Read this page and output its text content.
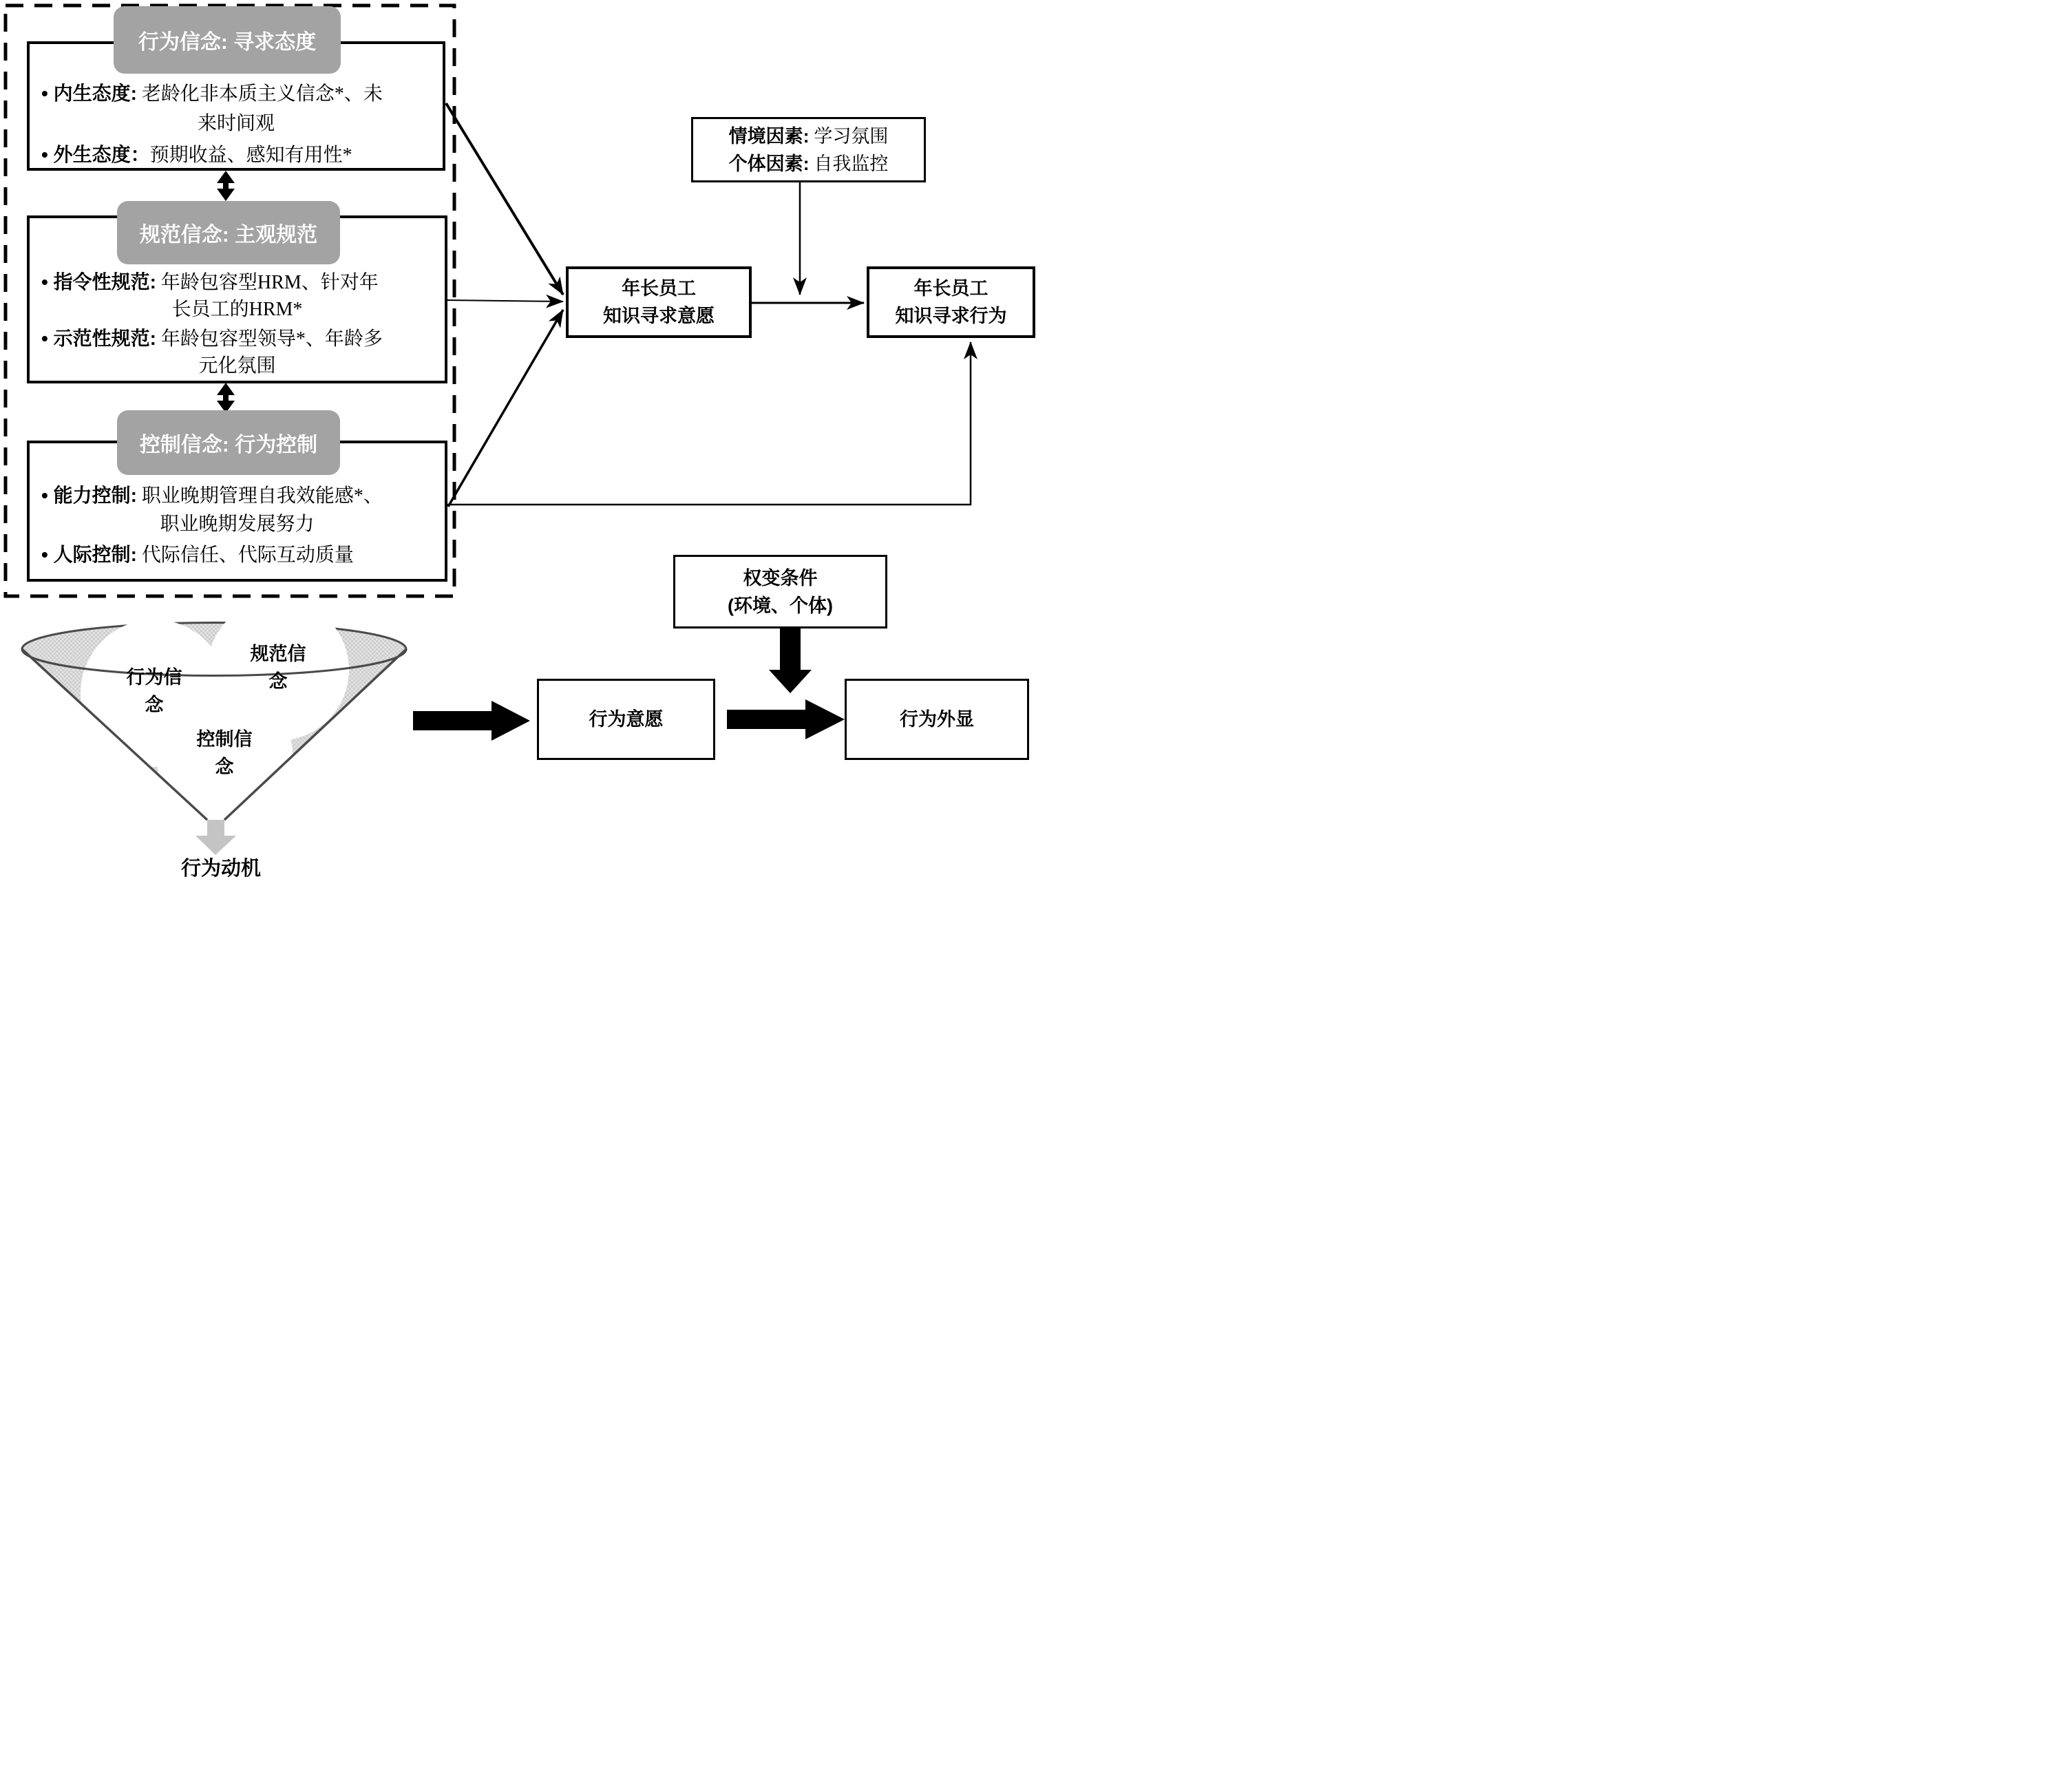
行为信念: 寻求态度
• 内生态度: 老龄化非本质主义信念*、未
来时间观
• 外生态度：预期收益、感知有用性*
规范信念: 主观规范
• 指令性规范: 年龄包容型HRM、针对年
长员工的HRM*
• 示范性规范: 年龄包容型领导*、年龄多
元化氛围
控制信念: 行为控制
• 能力控制: 职业晚期管理自我效能感*、
职业晚期发展努力
• 人际控制: 代际信任、代际互动质量
情境因素: 学习氛围
个体因素: 自我监控
年长员工
知识寻求意愿
年长员工
知识寻求行为
权变条件
(环境、个体)
行为意愿	行为外显
行为信
念
规范信
念
控制信
念
行为动机
